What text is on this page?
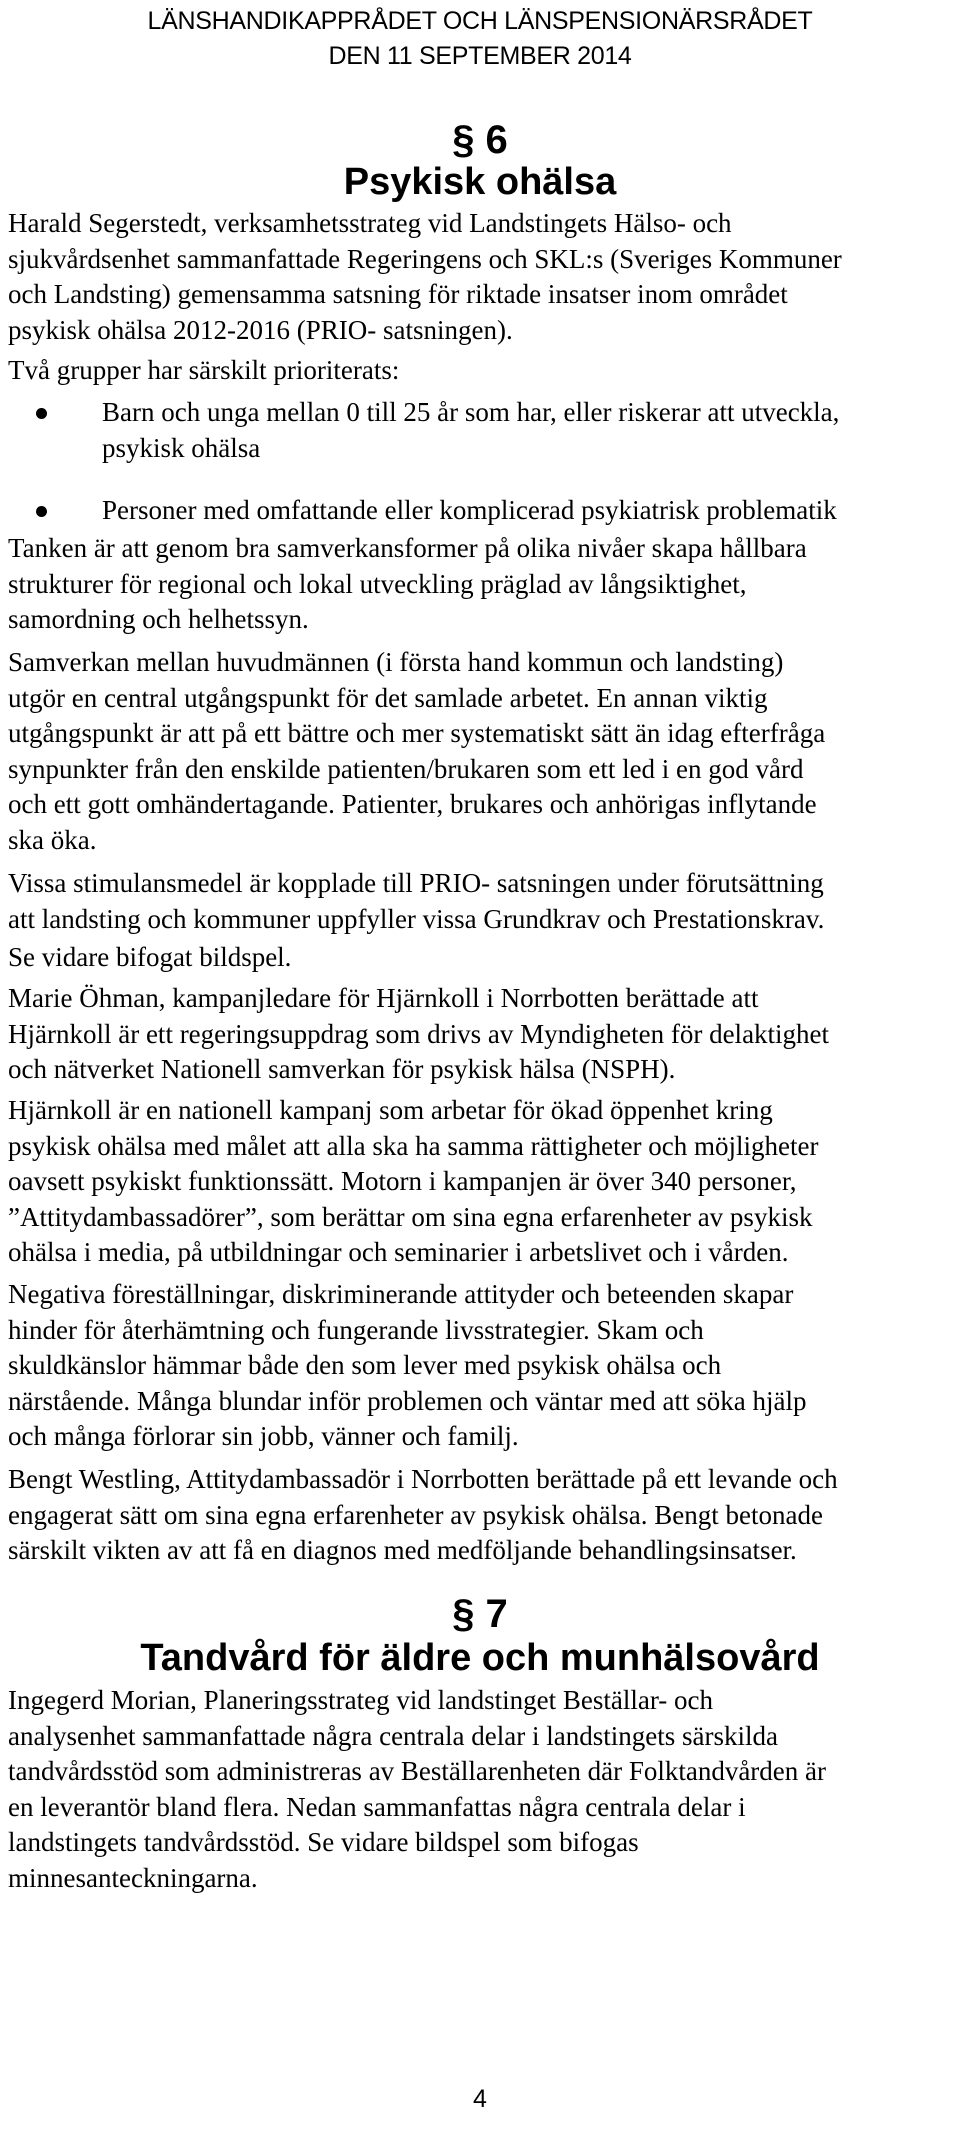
LÄNSHANDIKAPPRÅDET OCH LÄNSPENSIONÄRSRÅDET
DEN 11 SEPTEMBER 2014
§ 6
Psykisk ohälsa
Harald Segerstedt, verksamhetsstrateg vid Landstingets Hälso- och
sjukvårdsenhet sammanfattade Regeringens och SKL:s (Sveriges Kommuner
och Landsting) gemensamma satsning för riktade insatser inom området
psykisk ohälsa 2012-2016 (PRIO- satsningen).
Två grupper har särskilt prioriterats:
Barn och unga mellan 0 till 25 år som har, eller riskerar att utveckla,
psykisk ohälsa
Personer med omfattande eller komplicerad psykiatrisk problematik
Tanken är att genom bra samverkansformer på olika nivåer skapa hållbara
strukturer för regional och lokal utveckling präglad av långsiktighet,
samordning och helhetssyn.
Samverkan mellan huvudmännen (i första hand kommun och landsting)
utgör en central utgångspunkt för det samlade arbetet. En annan viktig
utgångspunkt är att på ett bättre och mer systematiskt sätt än idag efterfråga
synpunkter från den enskilde patienten/brukaren som ett led i en god vård
och ett gott omhändertagande. Patienter, brukares och anhörigas inflytande
ska öka.
Vissa stimulansmedel är kopplade till PRIO- satsningen under förutsättning
att landsting och kommuner uppfyller vissa Grundkrav och Prestationskrav.
Se vidare bifogat bildspel.
Marie Öhman, kampanjledare för Hjärnkoll i Norrbotten berättade att
Hjärnkoll är ett regeringsuppdrag som drivs av Myndigheten för delaktighet
och nätverket Nationell samverkan för psykisk hälsa (NSPH).
Hjärnkoll är en nationell kampanj som arbetar för ökad öppenhet kring
psykisk ohälsa med målet att alla ska ha samma rättigheter och möjligheter
oavsett psykiskt funktionssätt. Motorn i kampanjen är över 340 personer,
”Attitydambassadörer”, som berättar om sina egna erfarenheter av psykisk
ohälsa i media, på utbildningar och seminarier i arbetslivet och i vården.
Negativa föreställningar, diskriminerande attityder och beteenden skapar
hinder för återhämtning och fungerande livsstrategier. Skam och
skuldkänslor hämmar både den som lever med psykisk ohälsa och
närstående. Många blundar inför problemen och väntar med att söka hjälp
och många förlorar sin jobb, vänner och familj.
Bengt Westling, Attitydambassadör i Norrbotten berättade på ett levande och
engagerat sätt om sina egna erfarenheter av psykisk ohälsa. Bengt betonade
särskilt vikten av att få en diagnos med medföljande behandlingsinsatser.
§ 7
Tandvård för äldre och munhälsovård
Ingegerd Morian, Planeringsstrateg vid landstinget Beställar- och
analysenhet sammanfattade några centrala delar i landstingets särskilda
tandvårdsstöd som administreras av Beställarenheten där Folktandvården är
en leverantör bland flera. Nedan sammanfattas några centrala delar i
landstingets tandvårdsstöd. Se vidare bildspel som bifogas
minnesanteckningarna.
4
